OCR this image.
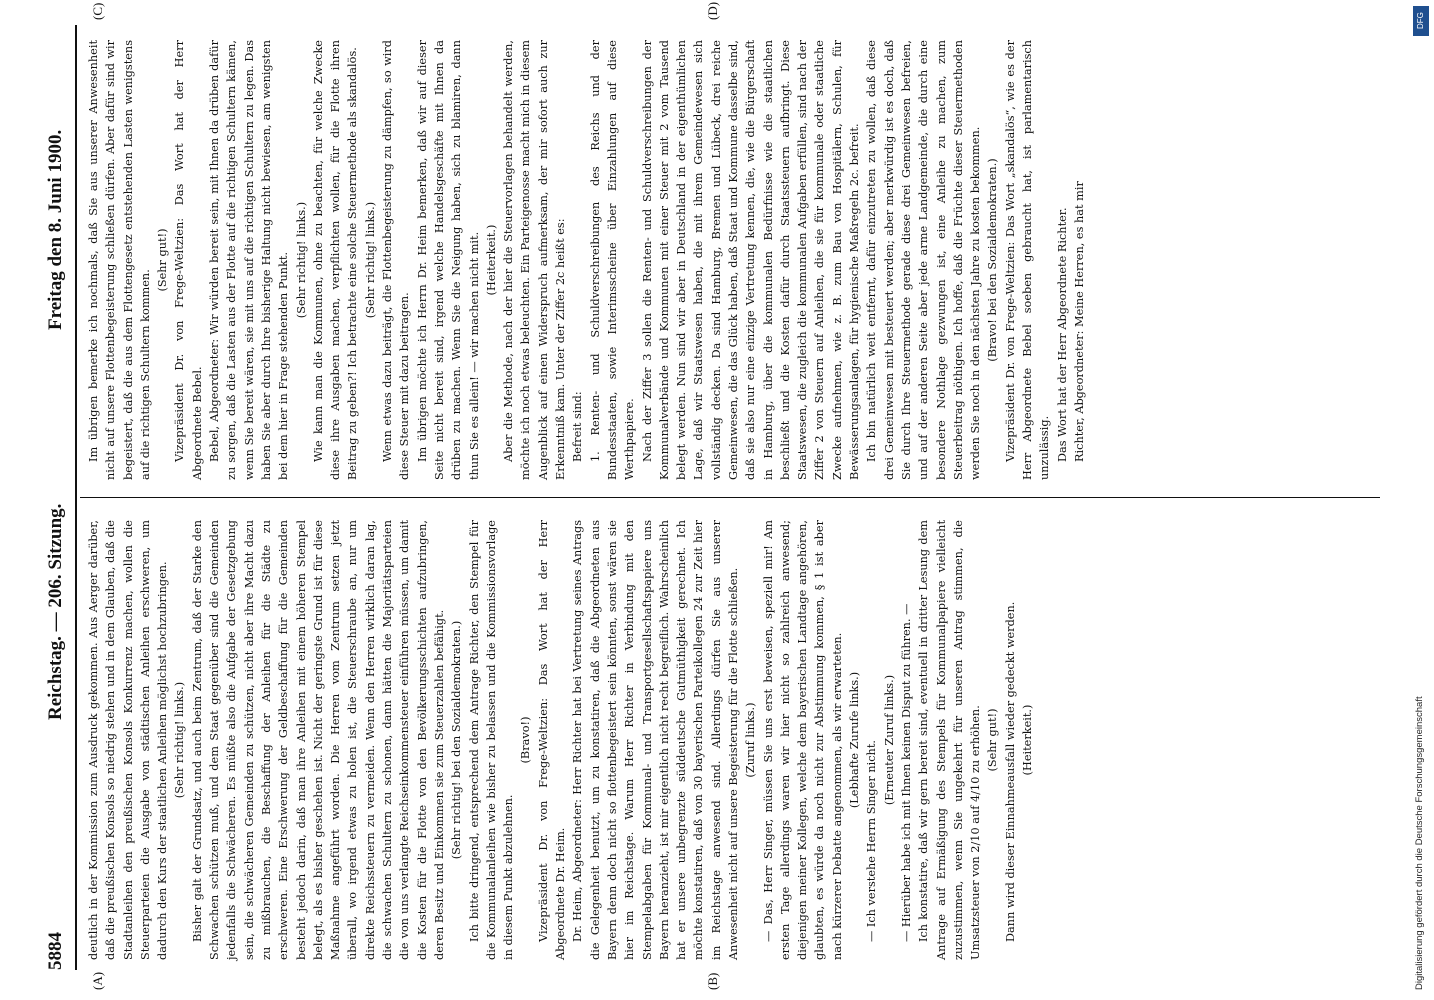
5884
Reichstag. — 206. Sitzung.
Freitag den 8. Juni 1900.
(A)	(B)
(C)	(D)

deutlich in der Kommission zum Ausdruck gekommen. Aus Aerger darüber, daß die preußischen Konsols so niedrig stehen und in dem Glauben, daß die Stadtanleihen den preußischen Konsols Konkurrenz machen, wollen die Steuerparteien die Ausgabe von städtischen Anleihen erschweren, um dadurch den Kurs der staatlichen Anleihen möglichst hochzubringen. (Sehr richtig! links.) Bisher galt der Grundsatz, und auch beim Zentrum, daß der Starke den Schwachen schützen muß, und dem Staat gegenüber sind die Gemeinden jedenfalls die Schwächeren. Es müßte also die Aufgabe der Gesetzgebung sein, die schwächeren Gemeinden zu schützen, nicht aber ihre Macht dazu zu mißbrauchen, die Beschaffung der Anleihen für die Städte zu erschweren. Eine Erschwerung der Geldbeschaffung für die Gemeinden besteht jedoch darin, daß man ihre Anleihen mit einem höheren Stempel belegt, als es bisher geschehen ist. Nicht der geringste Grund ist für diese Maßnahme angeführt worden. Die Herren vom Zentrum setzen jetzt überall, wo irgend etwas zu holen ist, die Steuerschraube an, nur um direkte Reichssteuern zu vermeiden. Wenn den Herren wirklich daran lag, die schwachen Schultern zu schonen, dann hätten die Majoritätsparteien die von uns verlangte Reichseinkommensteuer einführen müssen, um damit die Kosten für die Flotte von den Bevölkerungsschichten aufzubringen, deren Besitz und Einkommen sie zum Steuerzahlen befähigt. (Sehr richtig! bei den Sozialdemokraten.) Ich bitte dringend, entsprechend dem Antrage Richter, den Stempel für die Kommunalanleihen wie bisher zu belassen und die Kommissionsvorlage in diesem Punkt abzulehnen.

(Bravo!) Vizepräsident Dr. von Frege-Weltzien: Das Wort hat der Herr Abgeordnete Dr. Heim. Dr. Heim, Abgeordneter: Herr Richter hat bei Vertretung seines Antrags die Gelegenheit benutzt, um zu konstatiren, daß die Abgeordneten aus Bayern denn doch nicht so flottenbegeistert sein könnten, sonst wären sie hier im Reichstage. Warum Herr Richter in Verbindung mit den Stempelabgaben für Kommunal- und Transportgesellschaftspapiere uns Bayern heranzieht, ist mir eigentlich nicht recht begreiflich. Wahrscheinlich hat er unsere unbegrenzte süddeutsche Gutmüthigkeit gerechnet. Ich möchte konstatiren, daß von 30 bayerischen Parteikollegen 24 zur Zeit hier im Reichstage anwesend sind. Allerdings dürfen Sie aus unserer Anwesenheit nicht auf unsere Begeisterung für die Flotte schließen. (Zuruf links.) — Das, Herr Singer, müssen Sie uns erst beweisen, speziell mir! Am ersten Tage allerdings waren wir hier nicht so zahlreich anwesend; diejenigen meiner Kollegen, welche dem bayerischen Landtage angehören, glaubten, es würde da noch nicht zur Abstimmung kommen, § 1 ist aber nach kürzerer Debatte angenommen, als wir erwarteten. (Lebhafte Zurufe links.)

— Ich verstehe Herrn Singer nicht.

(Erneuter Zuruf links.) — Hierüber habe ich mit Ihnen keinen Disput zu führen. — Ich konstatire, daß wir gern bereit sind, eventuell in dritter Lesung dem Antrage auf Ermäßigung des Stempels für Kommunalpapiere vielleicht zuzustimmen, wenn Sie ungekehrt für unseren Antrag stimmen, die Umsatzsteuer von 2/10 auf 4/10 zu erhöhen. (Sehr gut!) Dann wird dieser Einnahmeausfall wieder gedeckt werden. (Heiterkeit.)

Im übrigen bemerke ich nochmals, daß Sie aus unserer Anwesenheit nicht auf unsere Flottenbegeisterung schließen dürfen. Aber dafür sind wir begeistert, daß die aus dem Flottengesetz entstehenden Lasten wenigstens auf die richtigen Schultern kommen.

(Sehr gut!) Vizepräsident Dr. von Frege-Weltzien: Das Wort hat der Herr Abgeordnete Bebel. Bebel, Abgeordneter: Wir würden bereit sein, mit Ihnen da drüben dafür zu sorgen, daß die Lasten aus der Flotte auf die richtigen Schultern kämen, wenn Sie bereit wären, sie mit uns auf die richtigen Schultern zu legen. Das haben Sie aber durch Ihre bisherige Haltung nicht bewiesen, am wenigsten bei dem hier in Frage stehenden Punkt. (Sehr richtig! links.) Wie kann man die Kommunen, ohne zu beachten, für welche Zwecke diese ihre Ausgaben machen, verpflichten wollen, für die Flotte ihren Beitrag zu geben?! Ich betrachte eine solche Steuermethode als skandalös. (Sehr richtig! links.) Wenn etwas dazu beiträgt, die Flottenbegeisterung zu dämpfen, so wird diese Steuer mit dazu beitragen. Im übrigen möchte ich Herrn Dr. Heim bemerken, daß wir auf dieser Seite nicht bereit sind, irgend welche Handelsgeschäfte mit Ihnen da drüben zu machen. Wenn Sie die Neigung haben, sich zu blamiren, dann thun Sie es allein! — wir machen nicht mit. (Heiterkeit.) Aber die Methode, nach der hier die Steuervorlagen behandelt werden, möchte ich noch etwas beleuchten. Ein Parteigenosse macht mich in diesem Augenblick auf einen Widerspruch aufmerksam, der mir sofort auch zur Erkenntniß kam. Unter der Ziffer 2c heißt es: Befreit sind: 1. Renten- und Schuldverschreibungen des Reichs und der Bundesstaaten, sowie Interimsscheine über Einzahlungen auf diese Werthpapiere. Nach der Ziffer 3 sollen die Renten- und Schuldverschreibungen der Kommunalverbände und Kommunen mit einer Steuer mit 2 vom Tausend belegt werden. Nun sind wir aber in Deutschland in der eigenthümlichen Lage, daß wir Staatswesen haben, die mit ihrem Gemeindewesen sich vollständig decken. Da sind Hamburg, Bremen und Lübeck, drei reiche Gemeinwesen, die das Glück haben, daß Staat und Kommune dasselbe sind, daß sie also nur eine einzige Vertretung kennen, die, wie die Bürgerschaft in Hamburg, über die kommunalen Bedürfnisse wie die staatlichen beschließt und die Kosten dafür durch Staatssteuern aufbringt. Diese Staatswesen, die zugleich die kommunalen Aufgaben erfüllen, sind nach der Ziffer 2 von Steuern auf Anleihen, die sie für kommunale oder staatliche Zwecke aufnehmen, wie z. B. zum Bau von Hospitälern, Schulen, für Bewässerungsanlagen, für hygienische Maßregeln 2c. befreit. Ich bin natürlich weit entfernt, dafür einzutreten zu wollen, daß diese drei Gemeinwesen mit besteuert werden; aber merkwürdig ist es doch, daß Sie durch Ihre Steuermethode gerade diese drei Gemeinwesen befreien, und auf der anderen Seite aber jede arme Landgemeinde, die durch eine besondere Nothlage gezwungen ist, eine Anleihe zu machen, zum Steuerbeitrag nöthigen. Ich hoffe, daß die Früchte dieser Steuermethoden werden Sie noch in den nächsten Jahre zu kosten bekommen. (Bravo! bei den Sozialdemokraten.) Vizepräsident Dr. von Frege-Weltzien: Das Wort „skandalös“, wie es der Herr Abgeordnete Bebel soeben gebraucht hat, ist parlamentarisch unzulässig. Das Wort hat der Herr Abgeordnete Richter. Richter, Abgeordneter: Meine Herren, es hat mir

DFG
Digitalisierung gefördert durch die Deutsche Forschungsgemeinschaft
